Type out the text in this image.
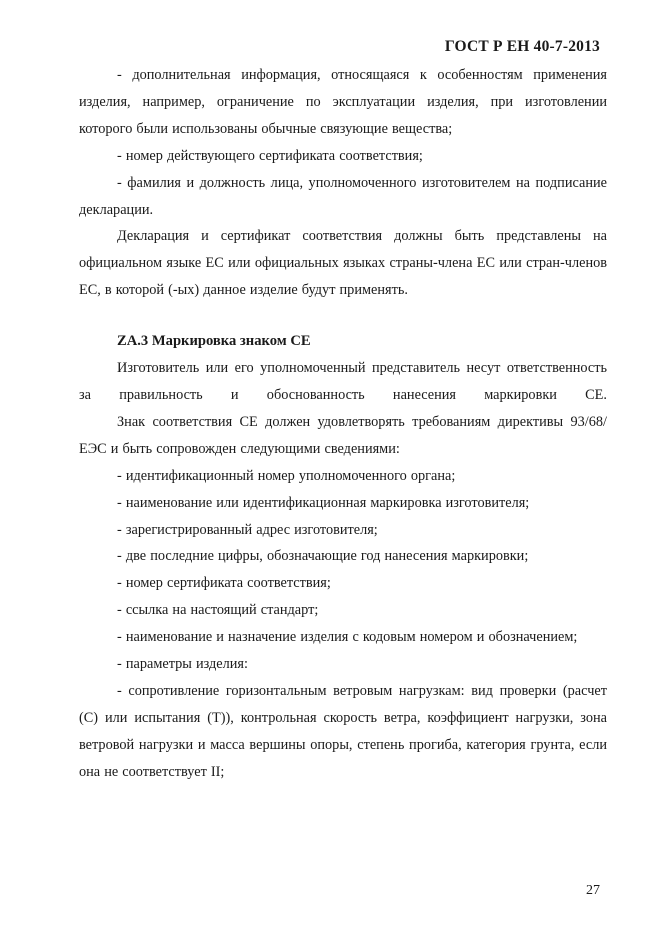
ГОСТ Р ЕН 40-7-2013

- дополнительная информация, относящаяся к особенностям применения изделия, например, ограничение по эксплуатации изделия, при изготовлении которого были использованы обычные связующие вещества;

- номер действующего сертификата соответствия;

- фамилия и должность лица, уполномоченного изготовителем на подписание декларации.

Декларация и сертификат соответствия должны быть представлены на официальном языке ЕС или официальных языках страны-члена ЕС или стран-членов ЕС, в которой (-ых) данное изделие будут применять.

ZA.3 Маркировка знаком СЕ

Изготовитель или его уполномоченный представитель несут ответственность за правильность и обоснованность нанесения маркировки СЕ.

Знак соответствия СЕ должен удовлетворять требованиям директивы 93/68/ЕЭС и быть сопровожден следующими сведениями:

- идентификационный номер уполномоченного органа;

- наименование или идентификационная маркировка изготовителя;

- зарегистрированный адрес изготовителя;

- две последние цифры, обозначающие год нанесения маркировки;

- номер сертификата соответствия;

- ссылка на настоящий стандарт;

- наименование и назначение изделия с кодовым номером и обозначением;

- параметры изделия:

- сопротивление горизонтальным ветровым нагрузкам: вид проверки (расчет (С) или испытания (Т)), контрольная скорость ветра, коэффициент нагрузки, зона ветровой нагрузки и масса вершины опоры, степень прогиба, категория грунта, если она не соответствует II;

27
